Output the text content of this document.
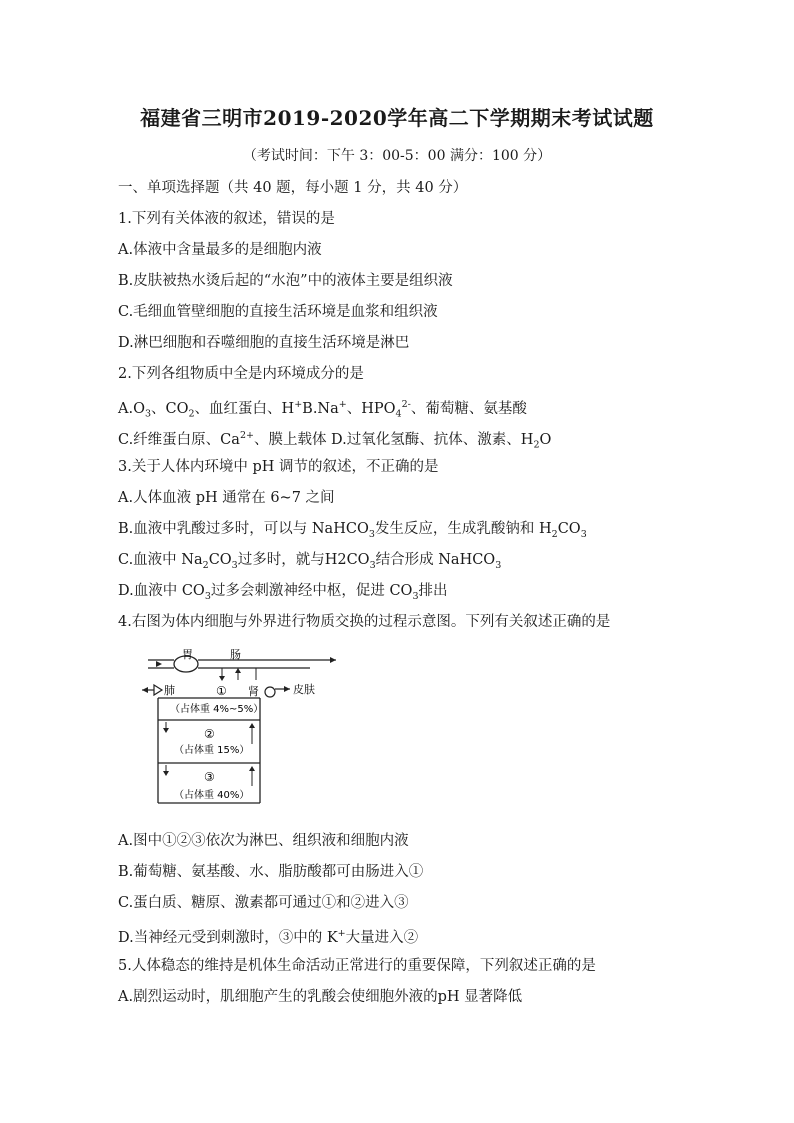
福建省三明市2019-2020学年高二下学期期末考试试题
（考试时间：下午 3：00-5：00 满分：100 分）
一、单项选择题（共 40 题，每小题 1 分，共 40 分）
1.下列有关体液的叙述，错误的是
A.体液中含量最多的是细胞内液
B.皮肤被热水烫后起的“水泡”中的液体主要是组织液
C.毛细血管壁细胞的直接生活环境是血浆和组织液
D.淋巴细胞和吞噬细胞的直接生活环境是淋巴
2.下列各组物质中全是内环境成分的是
$A.O_3$、$CO_2$、血红蛋白、H+B.Na+、$HPO_4^{2-}$、葡萄糖、氨基酸
C.纤维蛋白原、$Ca^{2+}$、膜上载体 D.过氧化氢酶、抗体、激素、$H_2O$
3.关于人体内环境中 pH 调节的叙述，不正确的是
A.人体血液 pH 通常在 6~7 之间
B.血液中乳酸过多时，可以与 NaHCO$_3$发生反应，生成乳酸钠和 $H_2CO_3$
C.血液中 $Na_2CO_3$过多时，就与$H2CO_3$结合形成 NaHCO$_3$
D.血液中 $CO_3$过多会刺激神经中枢，促进 $CO_3$排出
4.右图为体内细胞与外界进行物质交换的过程示意图。下列有关叙述正确的是
胃	肠
肺	① 肾	皮肤
（占体重 4%~5%）
②
（占体重 15%）
③
（占体重 40%）
A.图中①②③依次为淋巴、组织液和细胞内液
B.葡萄糖、氨基酸、水、脂肪酸都可由肠进入①
C.蛋白质、糖原、激素都可通过①和②进入③
D.当神经元受到刺激时，③中的 K+大量进入②
5.人体稳态的维持是机体生命活动正常进行的重要保障，下列叙述正确的是
A.剧烈运动时，肌细胞产生的乳酸会使细胞外液的pH 显著降低
